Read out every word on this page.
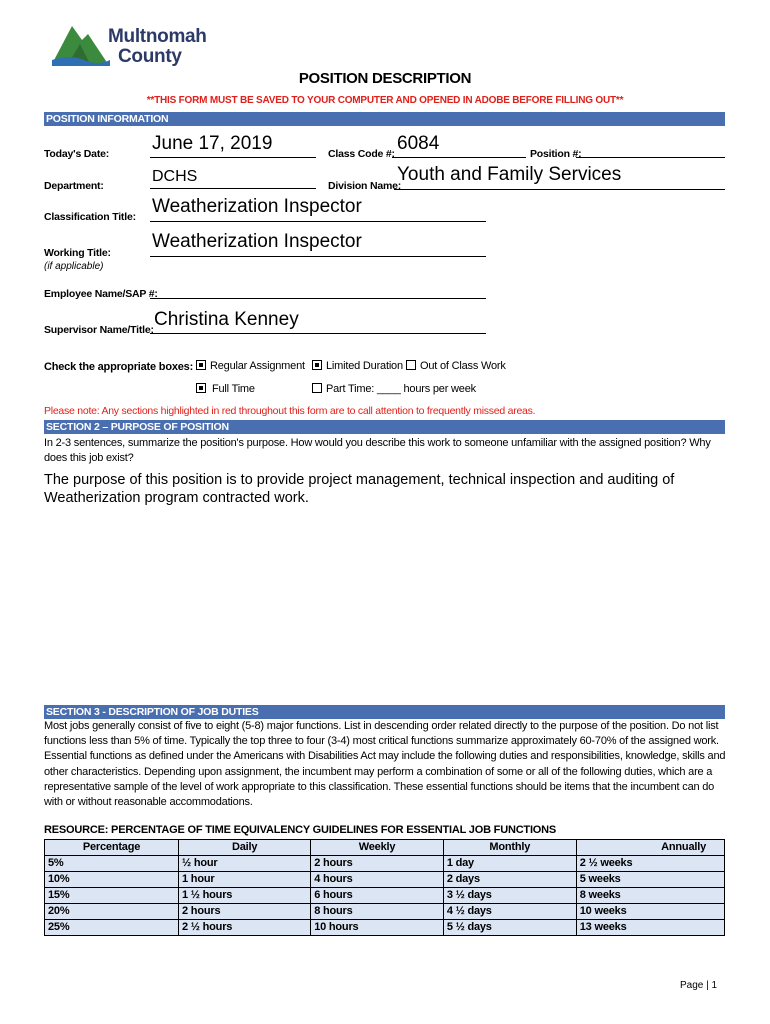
Multnomah
County
POSITION DESCRIPTION
**THIS FORM MUST BE SAVED TO YOUR COMPUTER AND OPENED IN ADOBE BEFORE FILLING OUT**
POSITION INFORMATION
Today's Date: June 17, 2019	Class Code #: 6084	Position #:
Department:
DCHS
Division Name:
Youth and Family Services
Classification Title: Weatherization Inspector
Working Title:
(if applicable)
Weatherization Inspector
Employee Name/SAP #:
Supervisor Name/Title: Christina Kenney
Check the appropriate boxes: Regular Assignment Limited Duration Out of Class Work
Full Time	Part Time: ____ hours per week
Please note: Any sections highlighted in red throughout this form are to call attention to frequently missed areas.
SECTION 2 – PURPOSE OF POSITION
In 2-3 sentences, summarize the position's purpose. How would you describe this work to someone unfamiliar with the assigned position? Why does this job exist?
The purpose of this position is to provide project management, technical inspection and auditing of Weatherization program contracted work.
SECTION 3 - DESCRIPTION OF JOB DUTIES
Most jobs generally consist of five to eight (5-8) major functions. List in descending order related directly to the purpose of the position. Do not list functions less than 5% of time. Typically the top three to four (3-4) most critical functions summarize approximately 60-70% of the assigned work. Essential functions as defined under the Americans with Disabilities Act may include the following duties and responsibilities, knowledge, skills and other characteristics. Depending upon assignment, the incumbent may perform a combination of some or all of the following duties, which are a representative sample of the level of work appropriate to this classification. These essential functions should be items that the incumbent can do with or without reasonable accommodations.
RESOURCE: PERCENTAGE OF TIME EQUIVALENCY GUIDELINES FOR ESSENTIAL JOB FUNCTIONS
Percentage	Daily	Weekly	Monthly	Annually
5%	½ hour	2 hours	1 day	2 ½ weeks
10%	1 hour	4 hours	2 days	5 weeks
15%	1 ½ hours	6 hours	3 ½ days	8 weeks
20%	2 hours	8 hours	4 ½ days	10 weeks
25%	2 ½ hours	10 hours	5 ½ days	13 weeks
Page | 1
